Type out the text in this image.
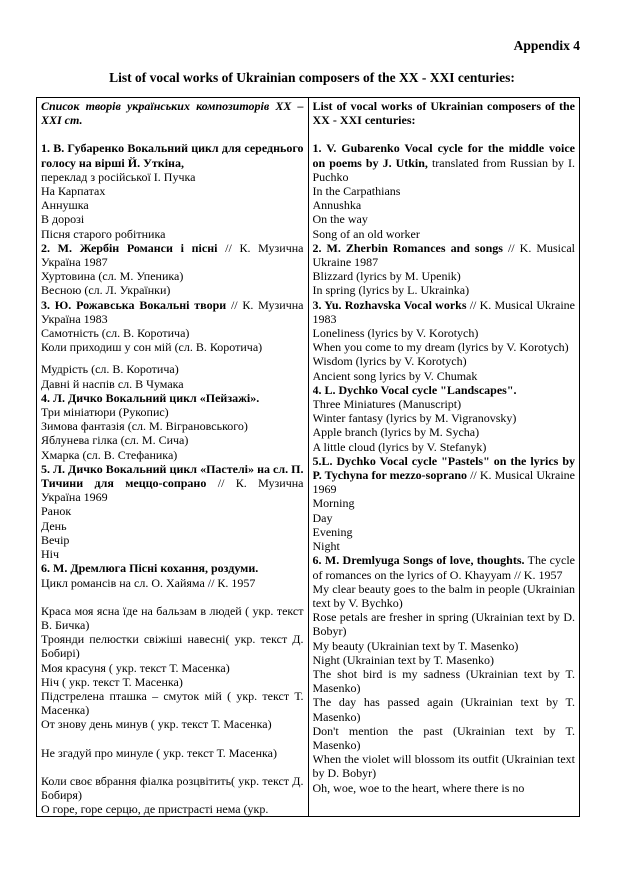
Appendix 4
List of vocal works of Ukrainian composers of the XX - XXI centuries:
Список творів українських композиторів XX – XXI ст.
1. В. Губаренко Вокальний цикл для середнього голосу на вірші Й. Уткіна,
переклад з російської І. Пучка
На Карпатах
Аннушка
В дорозі
Пісня старого робітника
2. М. Жербін Романси і пісні // К. Музична Україна 1987
Хуртовина (сл. М. Упеника)
Весною (сл. Л. Українки)
3. Ю. Рожавська Вокальні твори // К. Музична Україна 1983
Самотність (сл. В. Коротича)
Коли приходиш у сон мій (сл. В. Коротича)
Мудрість (сл. В. Коротича)
Давні й наспів сл. В Чумака
4. Л. Дичко Вокальний цикл «Пейзажі».
Три мініатюри (Рукопис)
Зимова фантазія (сл. М. Віграновського)
Яблунева гілка (сл. М. Сича)
Хмарка (сл. В. Стефаника)
5. Л. Дичко Вокальний цикл «Пастелі» на сл. П. Тичини для меццо-сопрано // К. Музична Україна 1969
Ранок
День
Вечір
Ніч
6. М. Дремлюга Пісні кохання, роздуми.
Цикл романсів на сл. О. Хайяма // К. 1957
Краса моя ясна їде на бальзам в людей ( укр. текст В. Бичка)
Троянди пелюстки свіжіші навесні( укр. текст Д. Бобирі)
Моя красуня ( укр. текст Т. Масенка)
Ніч ( укр. текст Т. Масенка)
Підстрелена пташка – смуток мій ( укр. текст Т. Масенка)
От знову день минув ( укр. текст Т. Масенка)
Не згадуй про минуле ( укр. текст Т. Масенка)
Коли своє вбрання фіалка розцвітить( укр. текст Д. Бобиря)
О горе, горе серцю, де пристрасті нема (укр.

List of vocal works of Ukrainian composers of the XX - XXI centuries:
1. V. Gubarenko Vocal cycle for the middle voice on poems by J. Utkin, translated from Russian by I. Puchko
In the Carpathians
Annushka
On the way
Song of an old worker
2. M. Zherbin Romances and songs // K. Musical Ukraine 1987
Blizzard (lyrics by M. Upenik)
In spring (lyrics by L. Ukrainka)
3. Yu. Rozhavska Vocal works // K. Musical Ukraine 1983
Loneliness (lyrics by V. Korotych)
When you come to my dream (lyrics by V. Korotych)
Wisdom (lyrics by V. Korotych)
Ancient song lyrics by V. Chumak
4. L. Dychko Vocal cycle "Landscapes".
Three Miniatures (Manuscript)
Winter fantasy (lyrics by M. Vigranovsky)
Apple branch (lyrics by M. Sycha)
A little cloud (lyrics by V. Stefanyk)
5.L. Dychko Vocal cycle "Pastels" on the lyrics by P. Tychyna for mezzo-soprano // K. Musical Ukraine 1969
Morning
Day
Evening
Night
6. M. Dremlyuga Songs of love, thoughts. The cycle of romances on the lyrics of O. Khayyam // K. 1957
My clear beauty goes to the balm in people (Ukrainian text by V. Bychko)
Rose petals are fresher in spring (Ukrainian text by D. Bobyr)
My beauty (Ukrainian text by T. Masenko)
Night (Ukrainian text by T. Masenko)
The shot bird is my sadness (Ukrainian text by T. Masenko)
The day has passed again (Ukrainian text by T. Masenko)
Don't mention the past (Ukrainian text by T. Masenko)
When the violet will blossom its outfit (Ukrainian text by D. Bobyr)
Oh, woe, woe to the heart, where there is no
